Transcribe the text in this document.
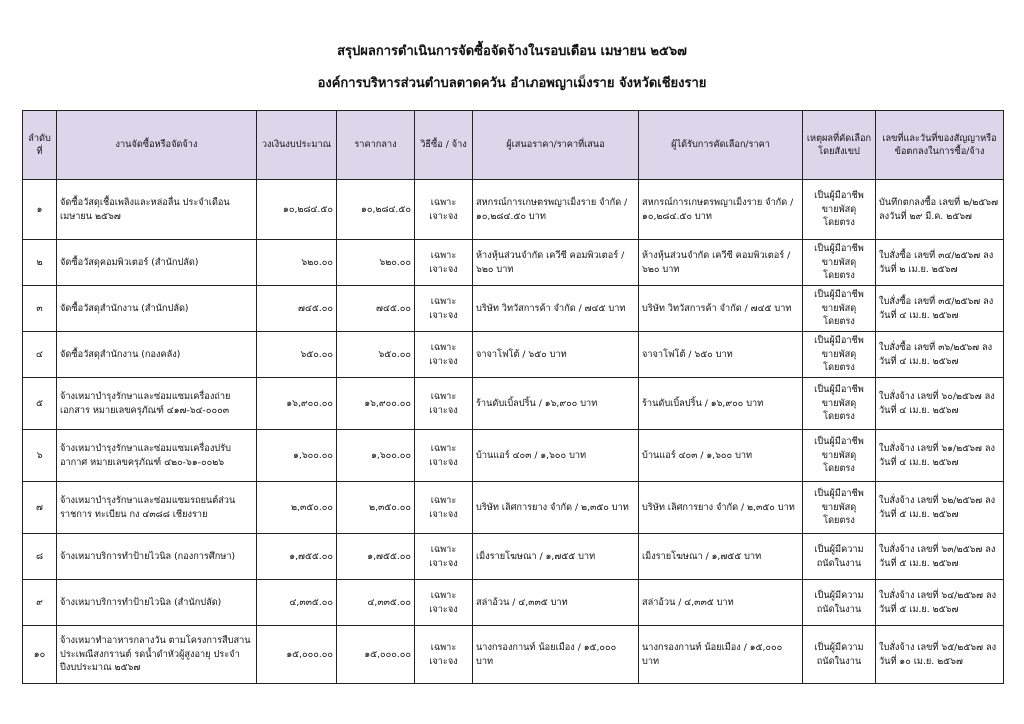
สรุปผลการดำเนินการจัดซื้อจัดจ้างในรอบเดือน เมษายน ๒๕๖๗
องค์การบริหารส่วนตำบลตาดควัน อำเภอพญาเม็งราย จังหวัดเชียงราย
ลำดับที่	งานจัดซื้อหรือจัดจ้าง	วงเงินงบประมาณ	ราคากลาง	วิธีซื้อ / จ้าง	ผู้เสนอราคา/ราคาที่เสนอ	ผู้ได้รับการคัดเลือก/ราคา	เหตุผลที่คัดเลือกโดยสังเขป	เลขที่และวันที่ของสัญญาหรือข้อตกลงในการซื้อ/จ้าง
๑	จัดซื้อวัสดุเชื้อเพลิงและหล่อลื่น ประจำเดือนเมษายน ๒๕๖๗	๑๐,๒๘๔.๕๐	๑๐,๒๘๔.๕๐	เฉพาะเจาะจง	สหกรณ์การเกษตรพญาเม็งราย จำกัด / ๑๐,๒๘๔.๕๐ บาท	สหกรณ์การเกษตรพญาเม็งราย จำกัด / ๑๐,๒๘๔.๕๐ บาท	เป็นผู้มีอาชีพขายพัสดุโดยตรง	บันทึกตกลงซื้อ เลขที่ ๒/๒๕๖๗ ลงวันที่ ๒๙ มี.ค. ๒๕๖๗
๒	จัดซื้อวัสดุคอมพิวเตอร์ (สำนักปลัด)	๖๒๐.๐๐	๖๒๐.๐๐	เฉพาะเจาะจง	ห้างหุ้นส่วนจำกัด เควีซี คอมพิวเตอร์ / ๖๒๐ บาท	ห้างหุ้นส่วนจำกัด เควีซี คอมพิวเตอร์ / ๖๒๐ บาท	เป็นผู้มีอาชีพขายพัสดุโดยตรง	ใบสั่งซื้อ เลขที่ ๓๔/๒๕๖๗ ลงวันที่ ๒ เม.ย. ๒๕๖๗
๓	จัดซื้อวัสดุสำนักงาน (สำนักปลัด)	๗๔๕.๐๐	๗๔๕.๐๐	เฉพาะเจาะจง	บริษัท วิทวัสการค้า จำกัด / ๗๔๕ บาท	บริษัท วิทวัสการค้า จำกัด / ๗๔๕ บาท	เป็นผู้มีอาชีพขายพัสดุโดยตรง	ใบสั่งซื้อ เลขที่ ๓๕/๒๕๖๗ ลงวันที่ ๔ เม.ย. ๒๕๖๗
๔	จัดซื้อวัสดุสำนักงาน (กองคลัง)	๖๕๐.๐๐	๖๕๐.๐๐	เฉพาะเจาะจง	จาจาโฟโต้ / ๖๕๐ บาท	จาจาโฟโต้ / ๖๕๐ บาท	เป็นผู้มีอาชีพขายพัสดุโดยตรง	ใบสั่งซื้อ เลขที่ ๓๖/๒๕๖๗ ลงวันที่ ๔ เม.ย. ๒๕๖๗
๕	จ้างเหมาบำรุงรักษาและซ่อมแซมเครื่องถ่ายเอกสาร หมายเลขครุภัณฑ์ ๔๑๗-๖๔-๐๐๐๓	๑๖,๙๐๐.๐๐	๑๖,๙๐๐.๐๐	เฉพาะเจาะจง	ร้านดับเบิ้ลปริ้น / ๑๖,๙๐๐ บาท	ร้านดับเบิ้ลปริ้น / ๑๖,๙๐๐ บาท	เป็นผู้มีอาชีพขายพัสดุโดยตรง	ใบสั่งจ้าง เลขที่ ๖๐/๒๕๖๗ ลงวันที่ ๔ เม.ย. ๒๕๖๗
๖	จ้างเหมาบำรุงรักษาและซ่อมแซมเครื่องปรับอากาศ หมายเลขครุภัณฑ์ ๔๒๐-๖๑-๐๐๒๖	๑,๖๐๐.๐๐	๑,๖๐๐.๐๐	เฉพาะเจาะจง	บ้านแอร์ ๔๐๓ / ๑,๖๐๐ บาท	บ้านแอร์ ๔๐๓ / ๑,๖๐๐ บาท	เป็นผู้มีอาชีพขายพัสดุโดยตรง	ใบสั่งจ้าง เลขที่ ๖๑/๒๕๖๗ ลงวันที่ ๔ เม.ย. ๒๕๖๗
๗	จ้างเหมาบำรุงรักษาและซ่อมแซมรถยนต์ส่วนราชการ ทะเบียน กง ๔๓๘๘ เชียงราย	๒,๓๕๐.๐๐	๒,๓๕๐.๐๐	เฉพาะเจาะจง	บริษัท เลิศการยาง จำกัด / ๒,๓๕๐ บาท	บริษัท เลิศการยาง จำกัด / ๒,๓๕๐ บาท	เป็นผู้มีอาชีพขายพัสดุโดยตรง	ใบสั่งจ้าง เลขที่ ๖๒/๒๕๖๗ ลงวันที่ ๕ เม.ย. ๒๕๖๗
๘	จ้างเหมาบริการทำป้ายไวนิล (กองการศึกษา)	๑,๗๕๕.๐๐	๑,๗๕๕.๐๐	เฉพาะเจาะจง	เม็งรายโฆษณา / ๑,๗๕๕ บาท	เม็งรายโฆษณา / ๑,๗๕๕ บาท	เป็นผู้มีความถนัดในงาน	ใบสั่งจ้าง เลขที่ ๖๓/๒๕๖๗ ลงวันที่ ๕ เม.ย. ๒๕๖๗
๙	จ้างเหมาบริการทำป้ายไวนิล (สำนักปลัด)	๔,๓๓๕.๐๐	๔,๓๓๕.๐๐	เฉพาะเจาะจง	สล่าอ้วน / ๔,๓๓๕ บาท	สล่าอ้วน / ๔,๓๓๕ บาท	เป็นผู้มีความถนัดในงาน	ใบสั่งจ้าง เลขที่ ๖๔/๒๕๖๗ ลงวันที่ ๕ เม.ย. ๒๕๖๗
๑๐	จ้างเหมาทำอาหารกลางวัน ตามโครงการสืบสานประเพณีสงกรานต์ รดน้ำดำหัวผู้สูงอายุ ประจำปีงบประมาณ ๒๕๖๗	๑๕,๐๐๐.๐๐	๑๕,๐๐๐.๐๐	เฉพาะเจาะจง	นางกรองกานท์ น้อยเมือง / ๑๕,๐๐๐ บาท	นางกรองกานท์ น้อยเมือง / ๑๕,๐๐๐ บาท	เป็นผู้มีความถนัดในงาน	ใบสั่งจ้าง เลขที่ ๖๕/๒๕๖๗ ลงวันที่ ๑๐ เม.ย. ๒๕๖๗
